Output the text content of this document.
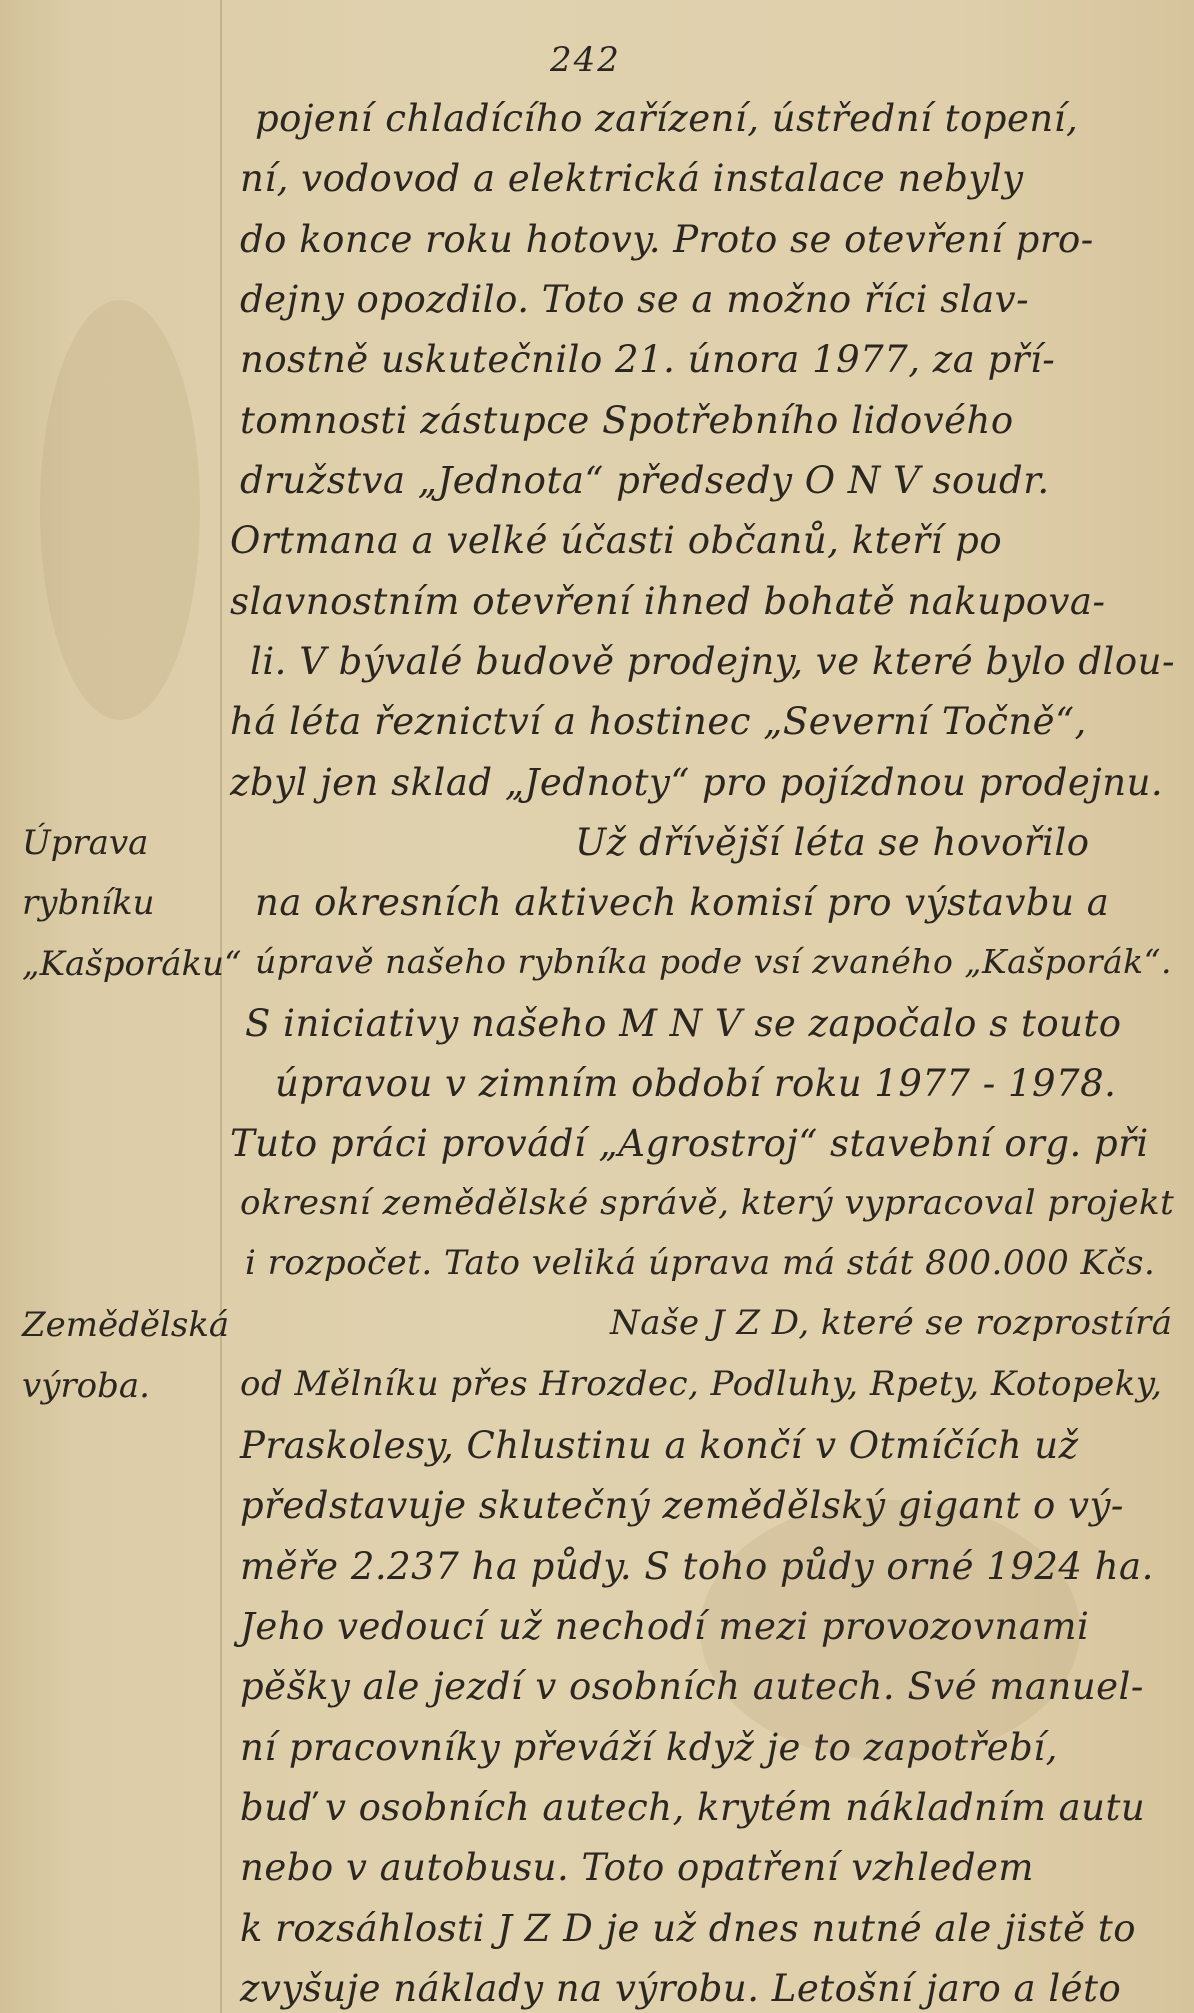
242
Úprava
rybníku
„Kašporáku“
Zemědělská
výroba.
pojení chladícího zařízení, ústřední topení,
ní, vodovod a elektrická instalace nebyly
do konce roku hotovy. Proto se otevření pro-
dejny opozdilo. Toto se a možno říci slav-
nostně uskutečnilo 21. února 1977, za pří-
tomnosti zástupce Spotřebního lidového
družstva „Jednota“ předsedy O N V soudr.
Ortmana a velké účasti občanů, kteří po
slavnostním otevření ihned bohatě nakupova-
li. V bývalé budově prodejny, ve které bylo dlou-
há léta řeznictví a hostinec „Severní Točně“,
zbyl jen sklad „Jednoty“ pro pojízdnou prodejnu.
Už dřívější léta se hovořilo
na okresních aktivech komisí pro výstavbu a
úpravě našeho rybníka pode vsí zvaného „Kašporák“.
S iniciativy našeho M N V se započalo s touto
úpravou v zimním období roku 1977 - 1978.
Tuto práci provádí „Agrostroj“ stavební org. při
okresní zemědělské správě, který vypracoval projekt
i rozpočet. Tato veliká úprava má stát 800.000 Kčs.
Naše J Z D, které se rozprostírá
od Mělníku přes Hrozdec, Podluhy, Rpety, Kotopeky,
Praskolesy, Chlustinu a končí v Otmíčích už
představuje skutečný zemědělský gigant o vý-
měře 2.237 ha půdy. S toho půdy orné 1924 ha.
Jeho vedoucí už nechodí mezi provozovnami
pěšky ale jezdí v osobních autech. Své manuel-
ní pracovníky převáží když je to zapotřebí,
buď v osobních autech, krytém nákladním autu
nebo v autobusu. Toto opatření vzhledem
k rozsáhlosti J Z D je už dnes nutné ale jistě to
zvyšuje náklady na výrobu. Letošní jaro a léto
